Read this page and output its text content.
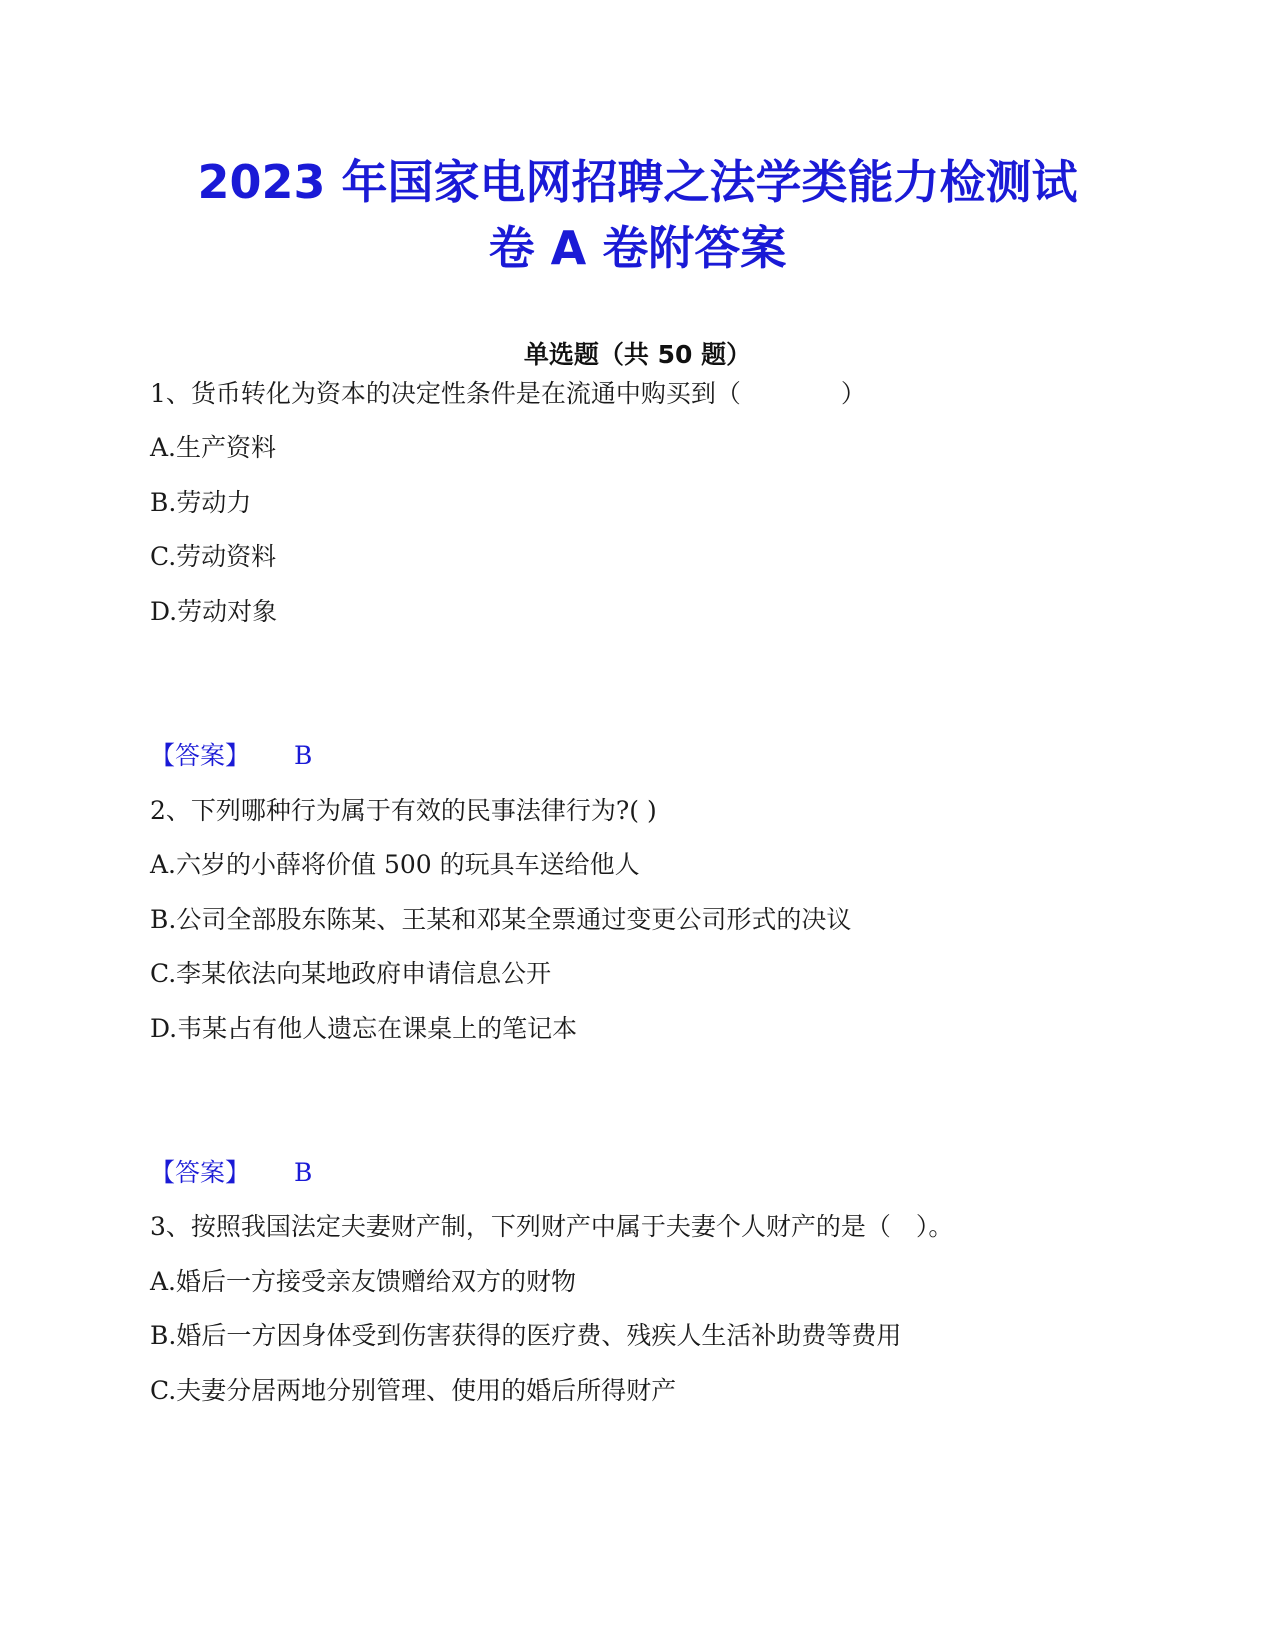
2023 年国家电网招聘之法学类能力检测试
卷 A 卷附答案
单选题（共 50 题）
1、货币转化为资本的决定性条件是在流通中购买到（　　　　）
A.生产资料
B.劳动力
C.劳动资料
D.劳动对象
【答案】 B
2、下列哪种行为属于有效的民事法律行为?( )
A.六岁的小薛将价值 500 的玩具车送给他人
B.公司全部股东陈某、王某和邓某全票通过变更公司形式的决议
C.李某依法向某地政府申请信息公开
D.韦某占有他人遗忘在课桌上的笔记本
【答案】 B
3、按照我国法定夫妻财产制，下列财产中属于夫妻个人财产的是（　）。
A.婚后一方接受亲友馈赠给双方的财物
B.婚后一方因身体受到伤害获得的医疗费、残疾人生活补助费等费用
C.夫妻分居两地分别管理、使用的婚后所得财产
